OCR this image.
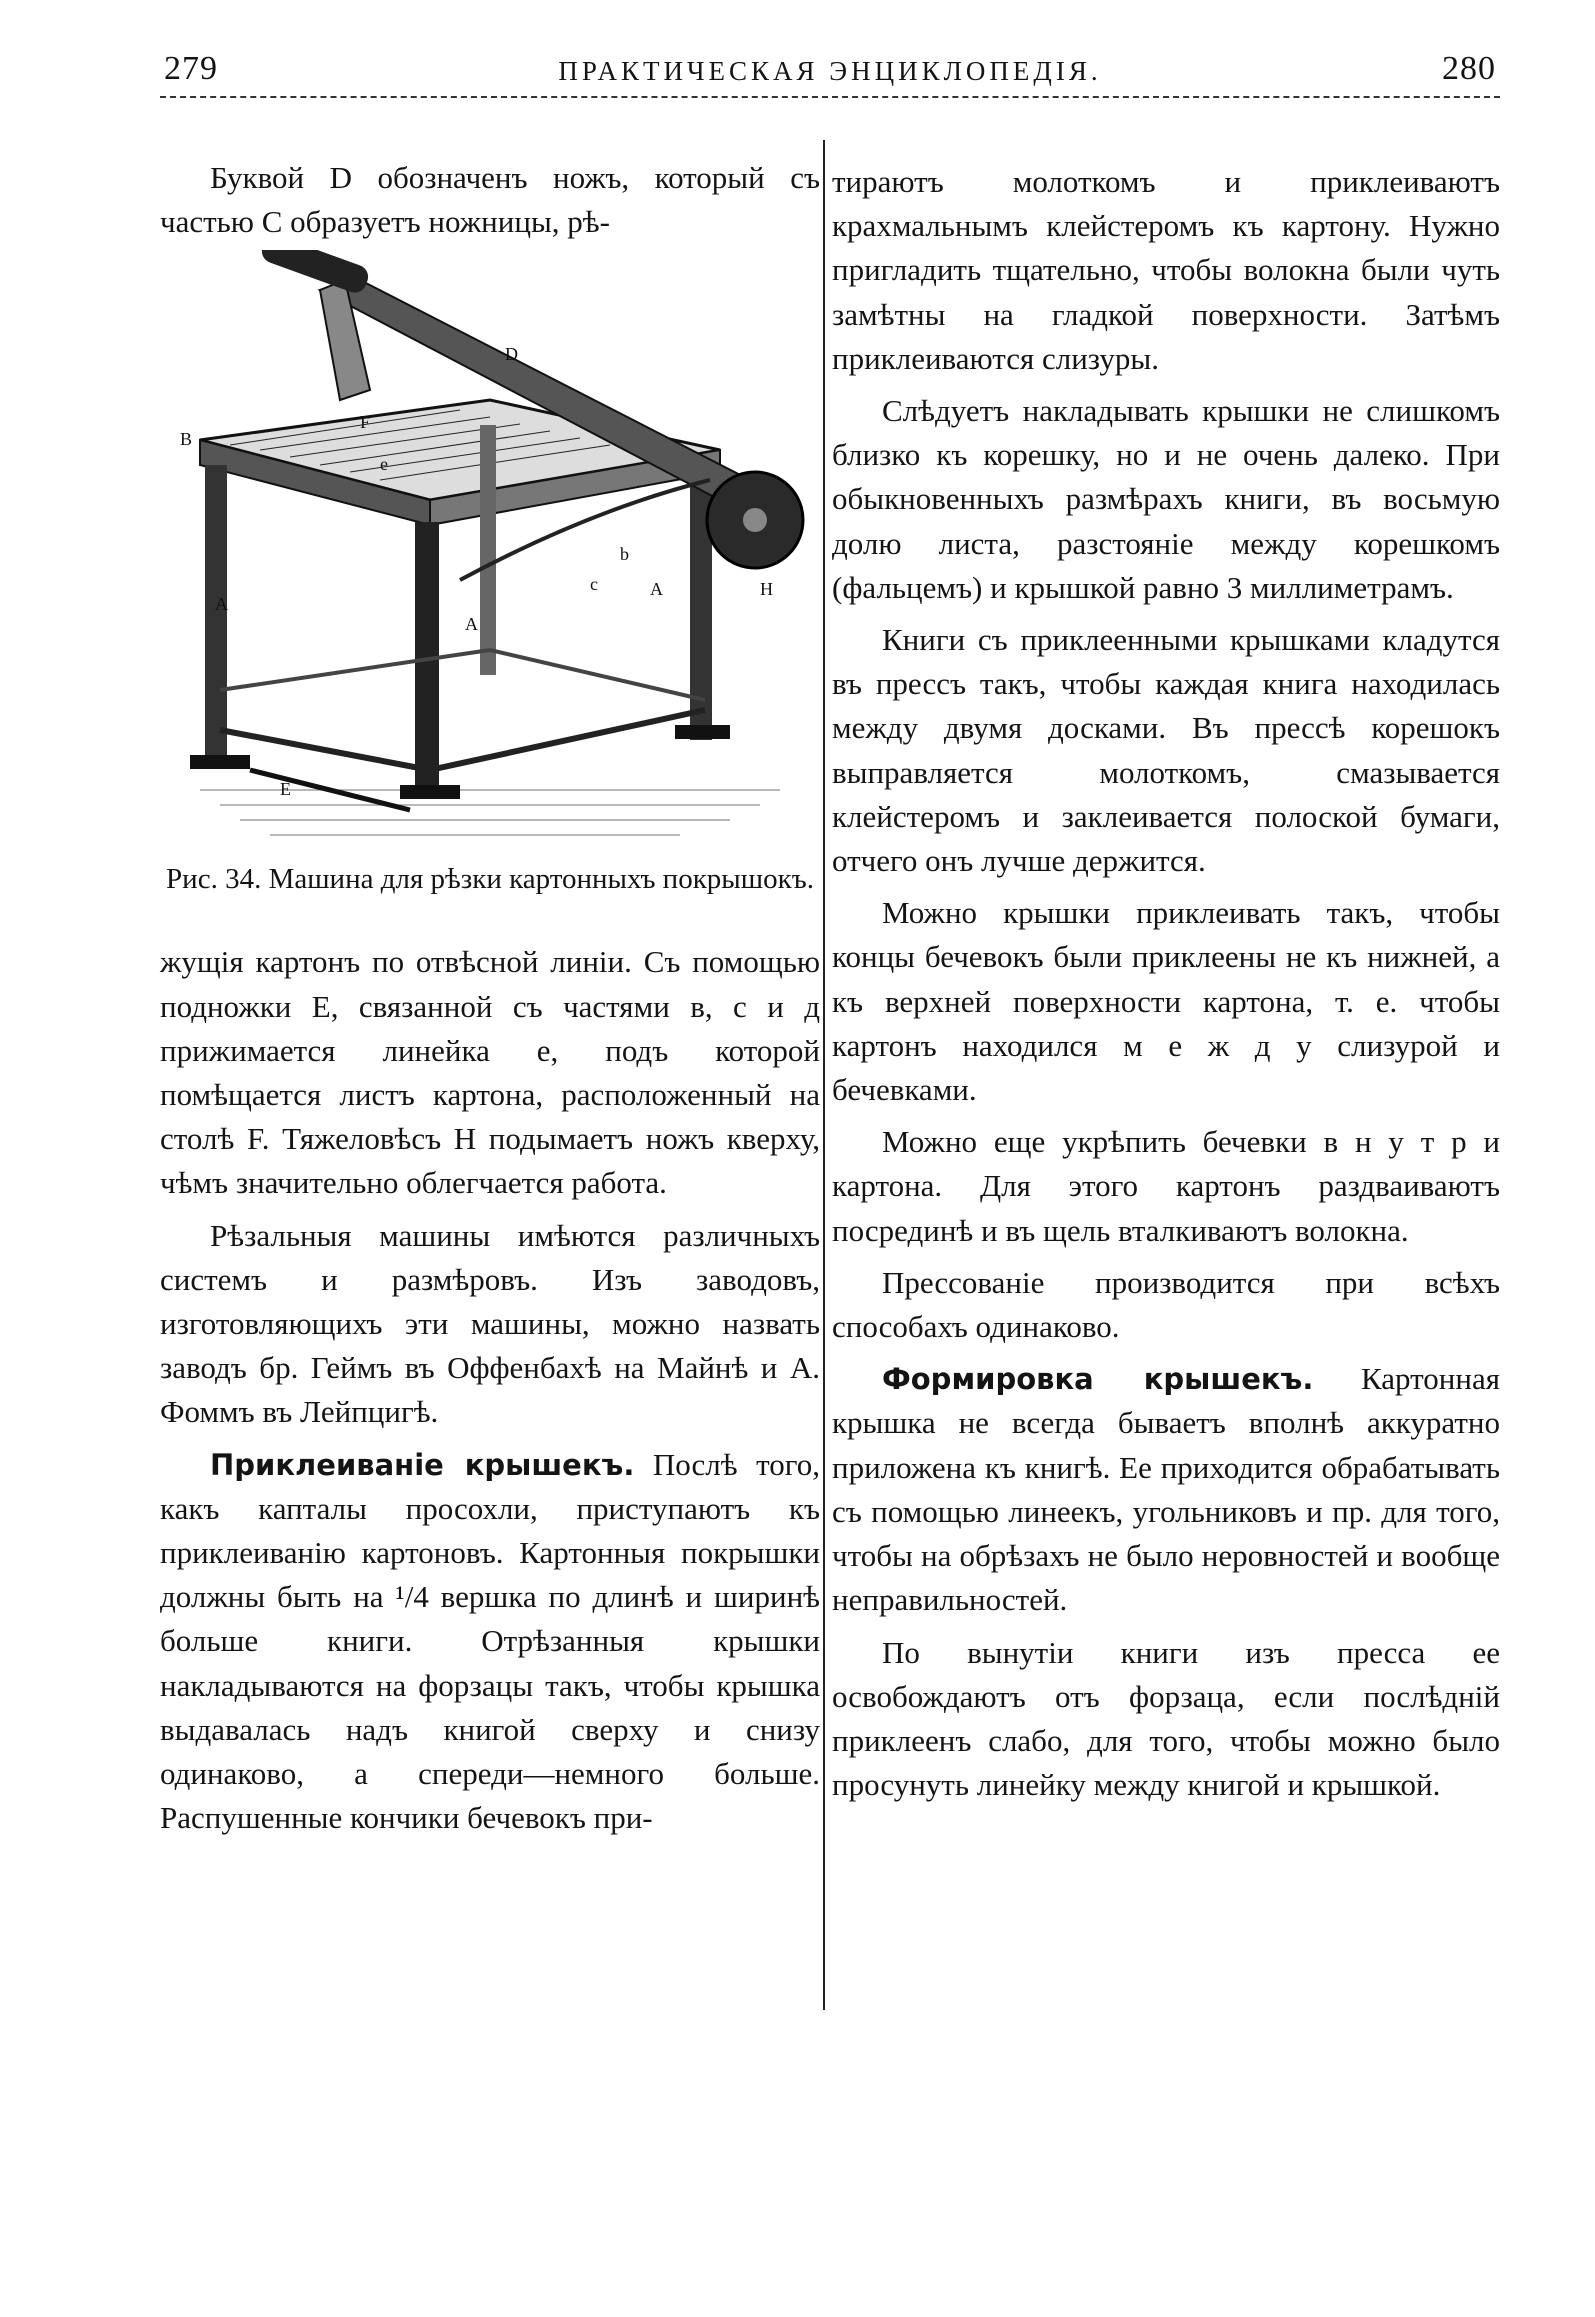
279	ПРАКТИЧЕСКАЯ ЭНЦИКЛОПЕДІЯ.	280

Буквой D обозначенъ ножъ, который съ частью C образуетъ ножницы, рѣ-

D
B
A
A
A	H
E
F
b
c
e

Рис. 34. Машина для рѣзки картонныхъ покрышокъ.

жущія картонъ по отвѣсной линіи. Съ помощью подножки E, связанной съ частями в, с и д прижимается линейка е, подъ которой помѣщается листъ картона, расположенный на столѣ F. Тяжеловѣсъ H подымаетъ ножъ кверху, чѣмъ значительно облегчается работа.

Рѣзальныя машины имѣются различныхъ системъ и размѣровъ. Изъ заводовъ, изготовляющихъ эти машины, можно назвать заводъ бр. Геймъ въ Оффенбахѣ на Майнѣ и А. Фоммъ въ Лейпцигѣ.

Приклеиваніе крышекъ. Послѣ того, какъ каптал​ы просохли, приступаютъ къ приклеиванію картоновъ. Картонныя покрышки должны быть на ¹/4 вершка по длинѣ и ширинѣ больше книги. Отрѣзанныя крышки накладываются на форзацы такъ, чтобы крышка выдавалась надъ книгой сверху и снизу одинаково, а спереди—немного больше. Распушенные кончики бечевокъ при-

тираютъ молоткомъ и приклеиваютъ крахмальнымъ клейстеромъ къ картону. Нужно пригладить тщательно, чтобы волокна были чуть замѣтны на гладкой поверхности. Затѣмъ приклеиваются слизуры.

Слѣдуетъ накладывать крышки не слишкомъ близко къ корешку, но и не очень далеко. При обыкновенныхъ размѣрахъ книги, въ восьмую долю листа, разстояніе между корешкомъ (фальцемъ) и крышкой равно 3 миллиметрамъ.

Книги съ приклеенными крышками кладутся въ прессъ такъ, чтобы каждая книга находилась между двумя досками. Въ прессѣ корешокъ выправляется молоткомъ, смазывается клейстеромъ и заклеивается полоской бумаги, отчего онъ лучше держится.

Можно крышки приклеивать такъ, чтобы концы бечевокъ были приклеены не къ нижней, а къ верхней поверхности картона, т. е. чтобы картонъ находился м е ж д у слизурой и бечевками.

Можно еще укрѣпить бечевки в н у т р и картона. Для этого картонъ раздваиваютъ посрединѣ и въ щель вталкиваютъ волокна.

Прессованіе производится при всѣхъ способахъ одинаково.

Формировка крышекъ. Картонная крышка не всегда бываетъ вполнѣ аккуратно приложена къ книгѣ. Ее приходится обрабатывать съ помощью линеекъ, угольниковъ и пр. для того, чтобы на обрѣзахъ не было неровностей и вообще неправильностей.

По вынутіи книги изъ пресса ее освобождаютъ отъ форзаца, если послѣдній приклеенъ слабо, для того, чтобы можно было просунуть линейку между книгой и крышкой.
